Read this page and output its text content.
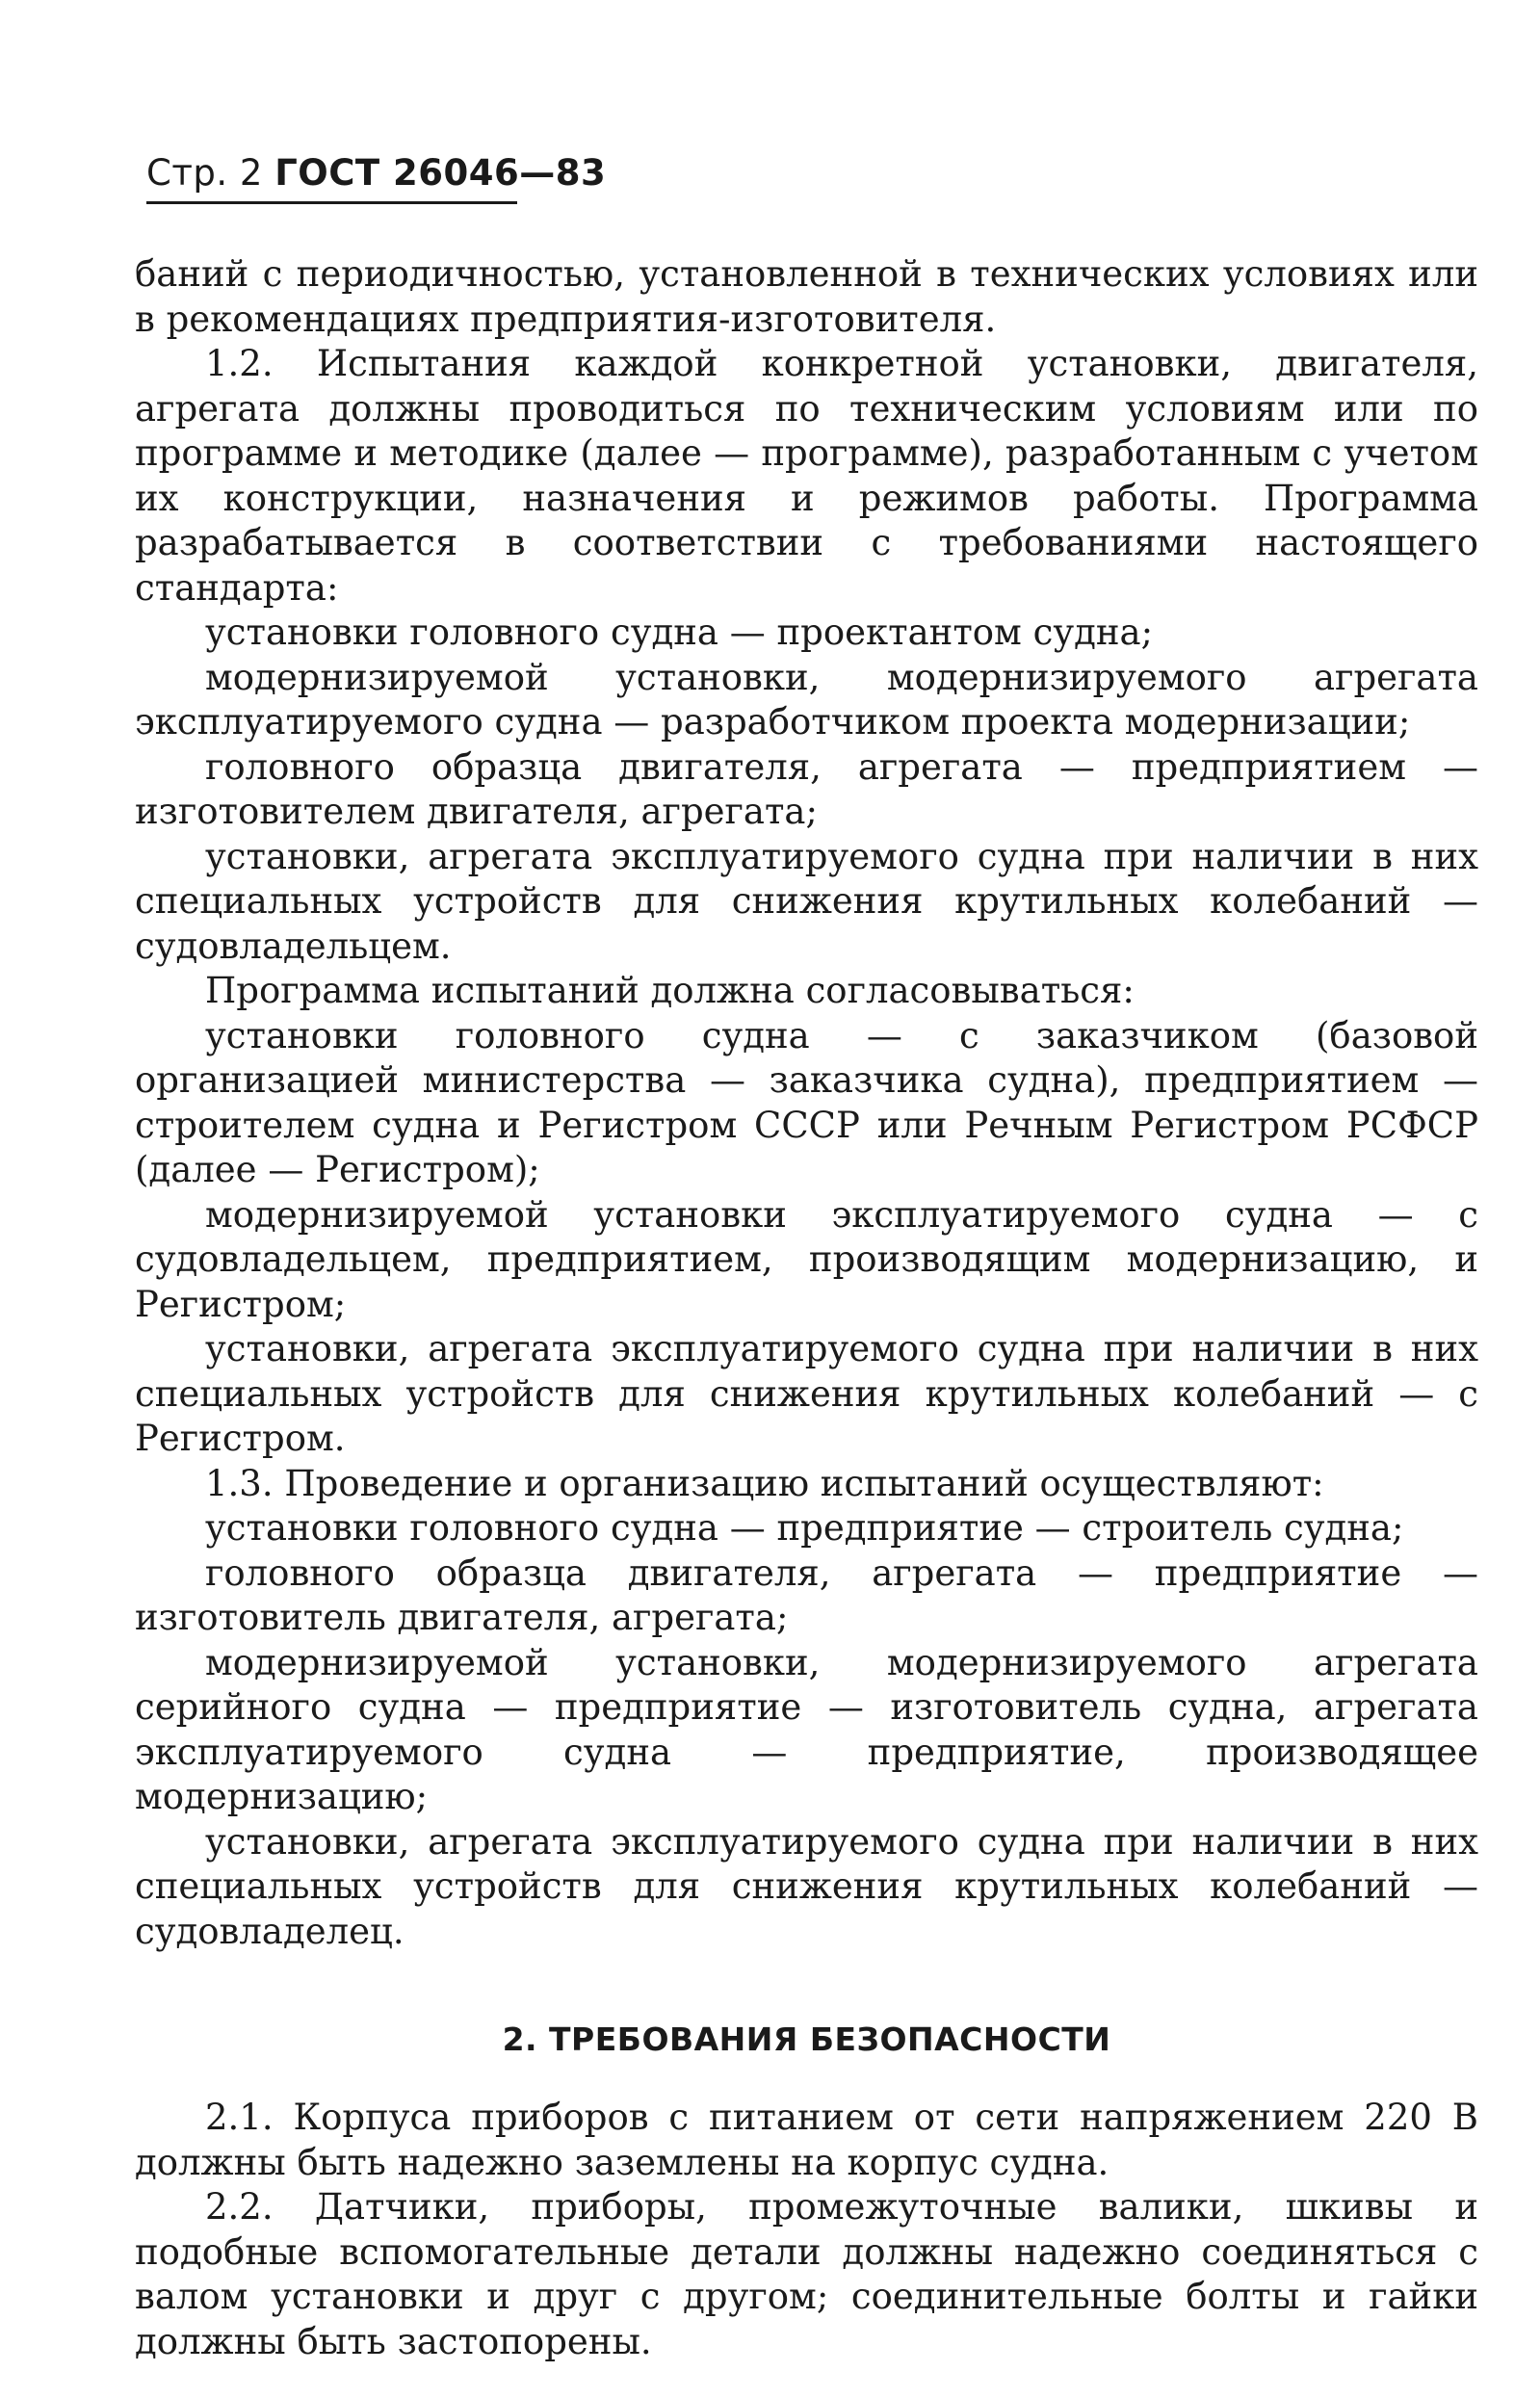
Стр. 2 ГОСТ 26046—83

баний с периодичностью, установленной в технических условиях или в рекомендациях предприятия-изготовителя.

1.2. Испытания каждой конкретной установки, двигателя, агрегата должны проводиться по техническим условиям или по программе и методике (далее — программе), разработанным с учетом их конструкции, назначения и режимов работы. Программа разрабатывается в соответствии с требованиями настоящего стандарта:

установки головного судна — проектантом судна;

модернизируемой установки, модернизируемого агрегата эксплуатируемого судна — разработчиком проекта модернизации;

головного образца двигателя, агрегата — предприятием — изготовителем двигателя, агрегата;

установки, агрегата эксплуатируемого судна при наличии в них специальных устройств для снижения крутильных колебаний — судовладельцем.

Программа испытаний должна согласовываться:

установки головного судна — с заказчиком (базовой организацией министерства — заказчика судна), предприятием — строителем судна и Регистром СССР или Речным Регистром РСФСР (далее — Регистром);

модернизируемой установки эксплуатируемого судна — с судовладельцем, предприятием, производящим модернизацию, и Регистром;

установки, агрегата эксплуатируемого судна при наличии в них специальных устройств для снижения крутильных колебаний — с Регистром.

1.3. Проведение и организацию испытаний осуществляют:

установки головного судна — предприятие — строитель судна;

головного образца двигателя, агрегата — предприятие — изготовитель двигателя, агрегата;

модернизируемой установки, модернизируемого агрегата серийного судна — предприятие — изготовитель судна, агрегата эксплуатируемого судна — предприятие, производящее модернизацию;

установки, агрегата эксплуатируемого судна при наличии в них специальных устройств для снижения крутильных колебаний — судовладелец.

2. ТРЕБОВАНИЯ БЕЗОПАСНОСТИ

2.1. Корпуса приборов с питанием от сети напряжением 220 В должны быть надежно заземлены на корпус судна.

2.2. Датчики, приборы, промежуточные валики, шкивы и подобные вспомогательные детали должны надежно соединяться с валом установки и друг с другом; соединительные болты и гайки должны быть застопорены.
